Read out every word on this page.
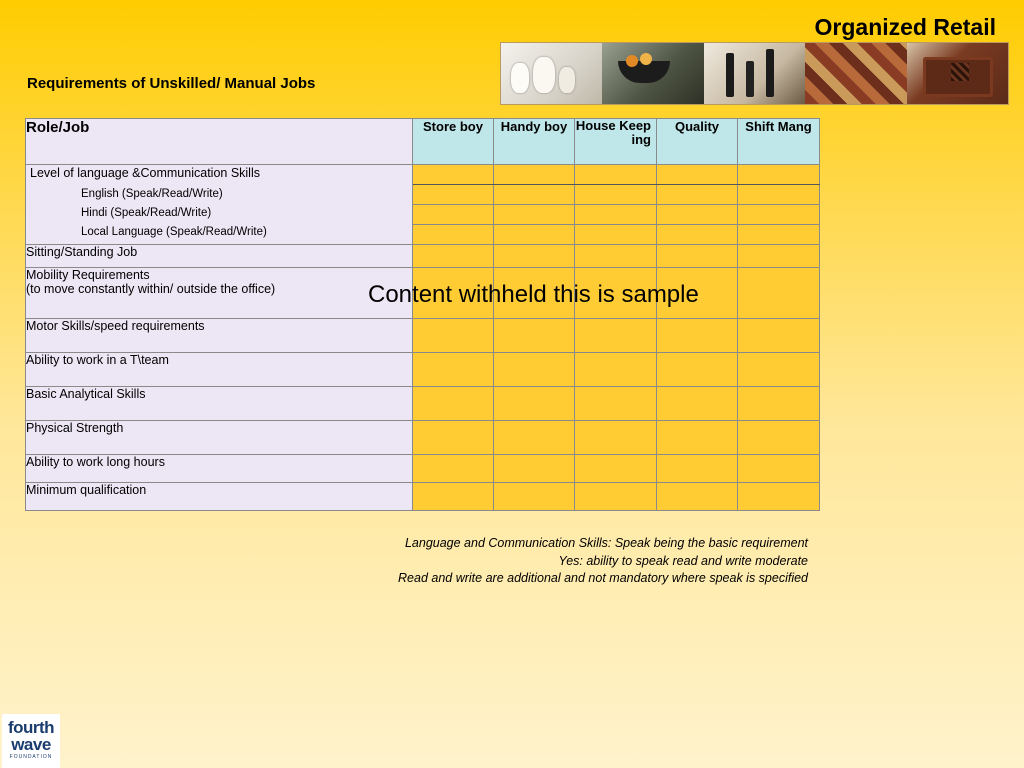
Organized Retail
Requirements of Unskilled/ Manual Jobs
Role/Job	Store boy	Handy boy	House Keep ing	Quality	Shift Mang

Level of language &Communication Skills
English (Speak/Read/Write)
Hindi (Speak/Read/Write)
Local Language (Speak/Read/Write)					

Sitting/Standing Job					

Mobility Requirements
(to move constantly within/ outside the office)					

Motor Skills/speed requirements					
Ability to work in a T\team					
Basic Analytical Skills					
Physical Strength					
Ability to work long hours					
Minimum qualification					
Content withheld this is sample
Language and Communication Skills: Speak being the basic requirement
Yes: ability to speak read and write moderate
Read and write are additional and not mandatory where speak is specified
fourth
wave
FOUNDATION
